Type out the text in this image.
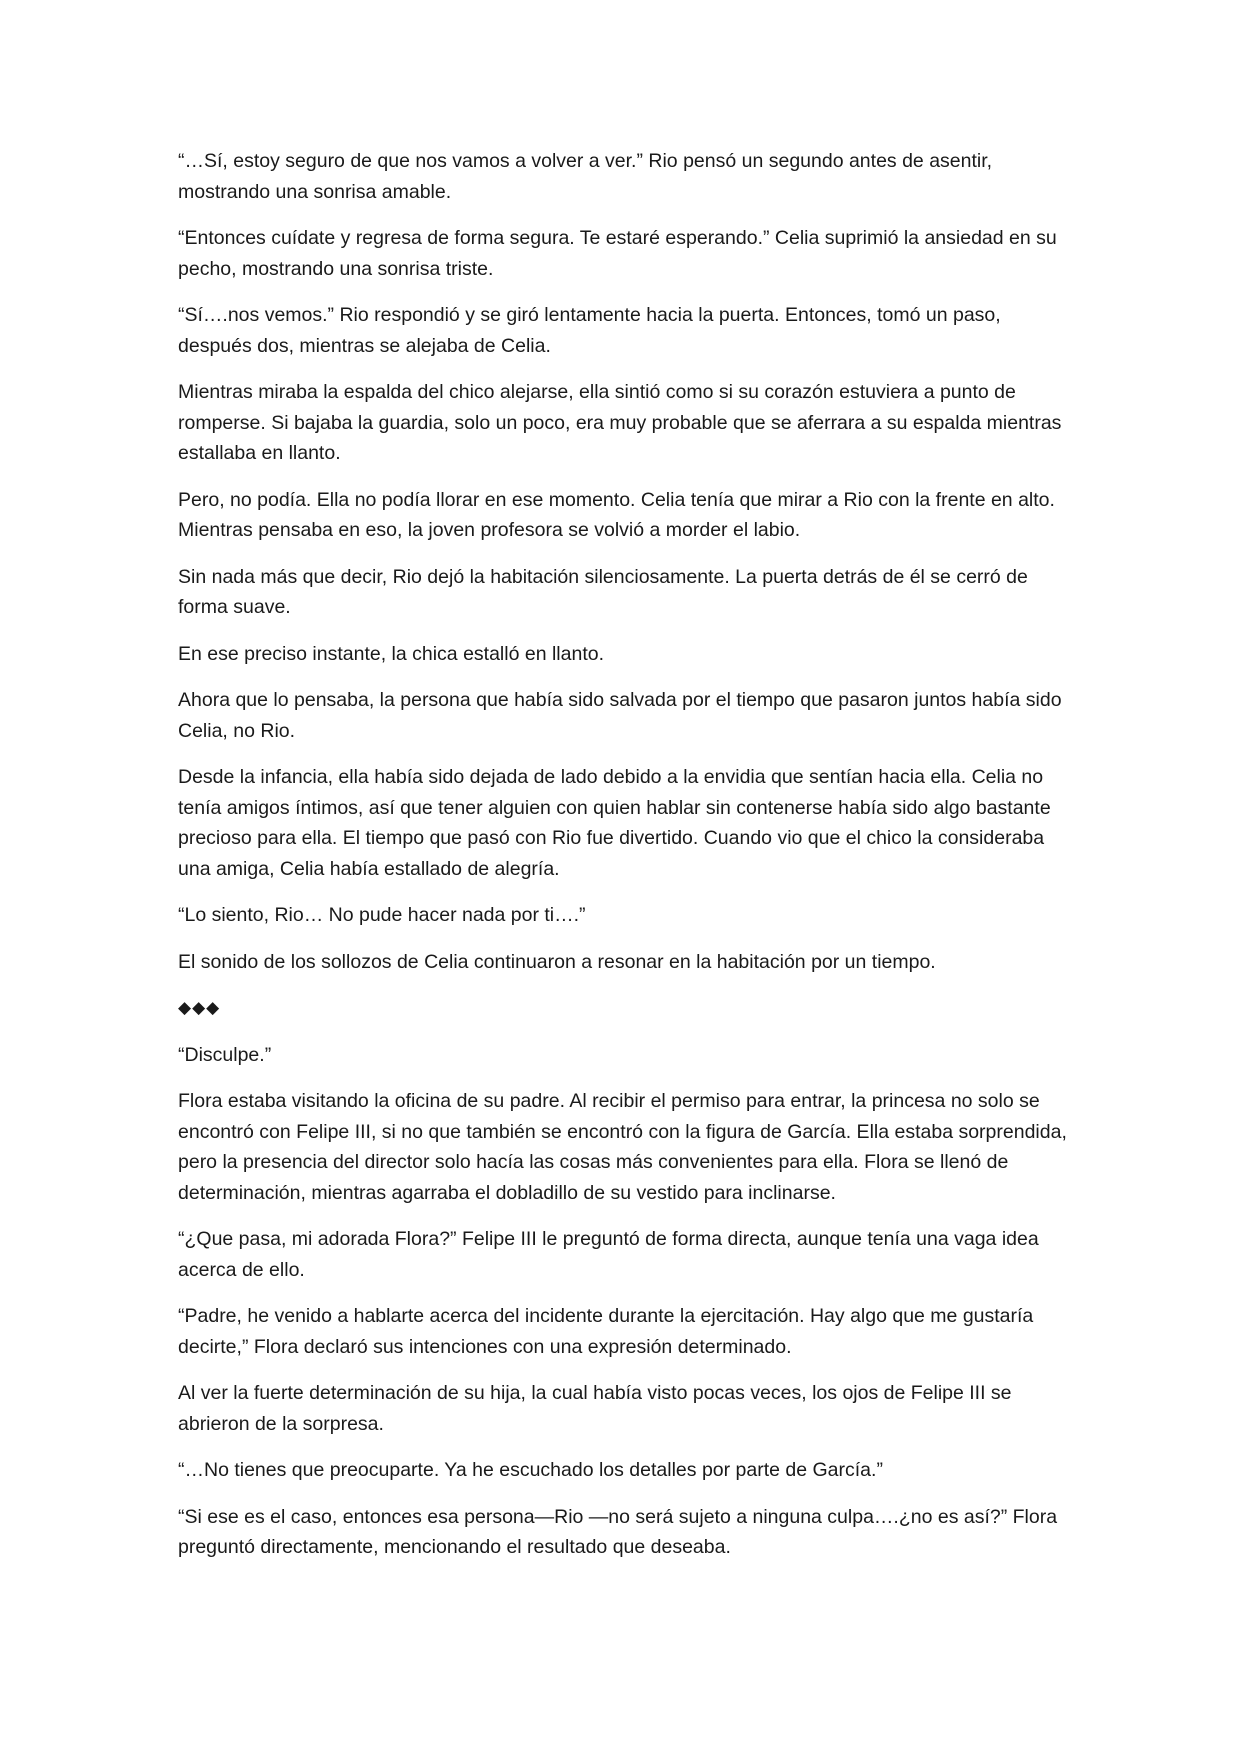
“…Sí, estoy seguro de que nos vamos a volver a ver.” Rio pensó un segundo antes de asentir, mostrando una sonrisa amable.

“Entonces cuídate y regresa de forma segura. Te estaré esperando.” Celia suprimió la ansiedad en su pecho, mostrando una sonrisa triste.

“Sí….nos vemos.” Rio respondió y se giró lentamente hacia la puerta. Entonces, tomó un paso, después dos, mientras se alejaba de Celia.

Mientras miraba la espalda del chico alejarse, ella sintió como si su corazón estuviera a punto de romperse. Si bajaba la guardia, solo un poco, era muy probable que se aferrara a su espalda mientras estallaba en llanto.

Pero, no podía. Ella no podía llorar en ese momento. Celia tenía que mirar a Rio con la frente en alto. Mientras pensaba en eso, la joven profesora se volvió a morder el labio.

Sin nada más que decir, Rio dejó la habitación silenciosamente. La puerta detrás de él se cerró de forma suave.

En ese preciso instante, la chica estalló en llanto.

Ahora que lo pensaba, la persona que había sido salvada por el tiempo que pasaron juntos había sido Celia, no Rio.

Desde la infancia, ella había sido dejada de lado debido a la envidia que sentían hacia ella. Celia no tenía amigos íntimos, así que tener alguien con quien hablar sin contenerse había sido algo bastante precioso para ella. El tiempo que pasó con Rio fue divertido. Cuando vio que el chico la consideraba una amiga, Celia había estallado de alegría.

“Lo siento, Rio… No pude hacer nada por ti….”

El sonido de los sollozos de Celia continuaron a resonar en la habitación por un tiempo.

◆◆◆

“Disculpe.”

Flora estaba visitando la oficina de su padre. Al recibir el permiso para entrar, la princesa no solo se encontró con Felipe III, si no que también se encontró con la figura de García. Ella estaba sorprendida, pero la presencia del director solo hacía las cosas más convenientes para ella. Flora se llenó de determinación, mientras agarraba el dobladillo de su vestido para inclinarse.

“¿Que pasa, mi adorada Flora?” Felipe III le preguntó de forma directa, aunque tenía una vaga idea acerca de ello.

“Padre, he venido a hablarte acerca del incidente durante la ejercitación. Hay algo que me gustaría decirte,” Flora declaró sus intenciones con una expresión determinado.

Al ver la fuerte determinación de su hija, la cual había visto pocas veces, los ojos de Felipe III se abrieron de la sorpresa.

“…No tienes que preocuparte. Ya he escuchado los detalles por parte de García.”

“Si ese es el caso, entonces esa persona—Rio —no será sujeto a ninguna culpa….¿no es así?” Flora preguntó directamente, mencionando el resultado que deseaba.
